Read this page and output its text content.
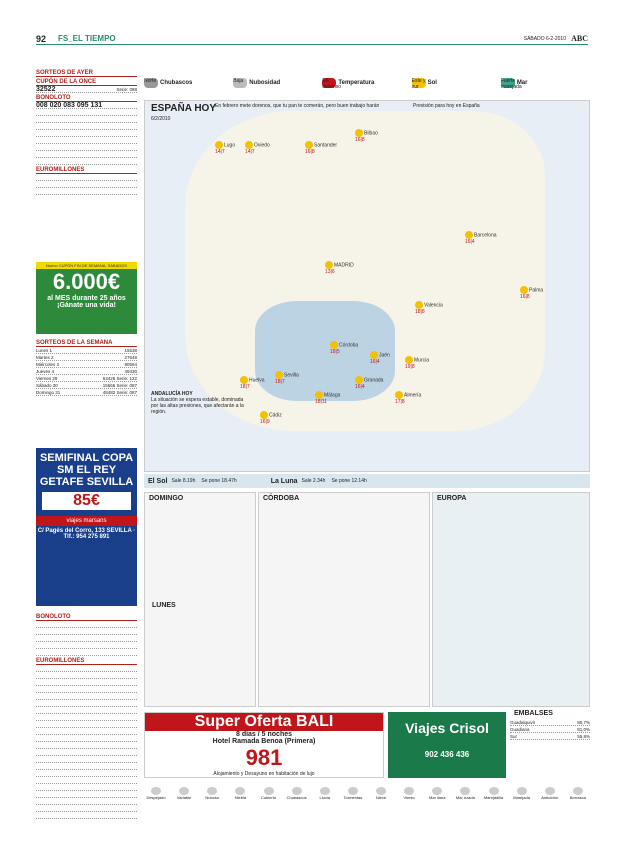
92 FS_EL TIEMPO	SÁBADO 6-2-2010 ABC
SORTEOS DE AYER
CUPÓN DE LA ONCE
32522	Serie: 088
BONOLOTO
008 020 083 095 131
EUROMILLONES
Nuevo CUPÓN FIN DE SEMANA, SÁBADOS
6.000€
al MES durante 25 años
¡Gánate una vida!
SORTEOS DE LA SEMANA
Lunes 1	15538
Martes 2	27648
Miércoles 3	90594
Jueves 4	49430
Viernes 29	63425 Serie: 122
Sábado 30	15666 Serie: 087
Domingo 31	48482 Serie: 087
SEMIFINAL COPA SM EL REY GETAFE SEVILLA
85€
viajes marsans
C/ Pagés del Corro, 133 SEVILLA · Tlf.: 954 275 891
BONOLOTO
EUROMILLONES
Norte Chubascos	Baja Nubosidad	En ascenso
Temperatura	Este y sur
Sol	Fuerte marejada
Mar
ESPAÑA HOY
6/2/2010
En febrero mete dorenos, que tu pan te comerán, pero buen trabajo harán	Previsión para hoy en España
Lugo
14|7
Oviedo
14|7
Santander
16|8
Bilbao
16|8
Barcelona
16|4
MADRID
13|6
Valencia
18|8
Sevilla
18|7
Málaga
18|11
Córdoba
18|5
Granada
16|4
Almería
17|8
Cádiz
16|9
Huelva
18|7
Jaén
16|4
Palma
16|8
Murcia
19|8
ANDALUCÍA HOY
La situación se espera estable, dominada por las altas presiones, que afectarán a la región.
El Sol Sale 8.19h Se pone 18.47h	La Luna Sale 2.34h Se pone 12.14h
DOMINGO	CÓRDOBA	EUROPA
LUNES
Super Oferta BALI
8 días / 5 noches
Hotel Ramada Benoa (Primera)
981
Alojamiento y Desayuno en habitación de lujo
Viajes Crisol
902 436 436
EMBALSES
Guadalquivir	80,7%
Guadiana	81,0%
Sur	55,8%
Despejado	Variable	Nuboso	Niebla	Cubierto	Chubascos	Lluvia	Tormentas	Nieve	Viento	Mar llana	Mar rizada	Marejadilla	Marejada	Anticiclón	Borrasca
